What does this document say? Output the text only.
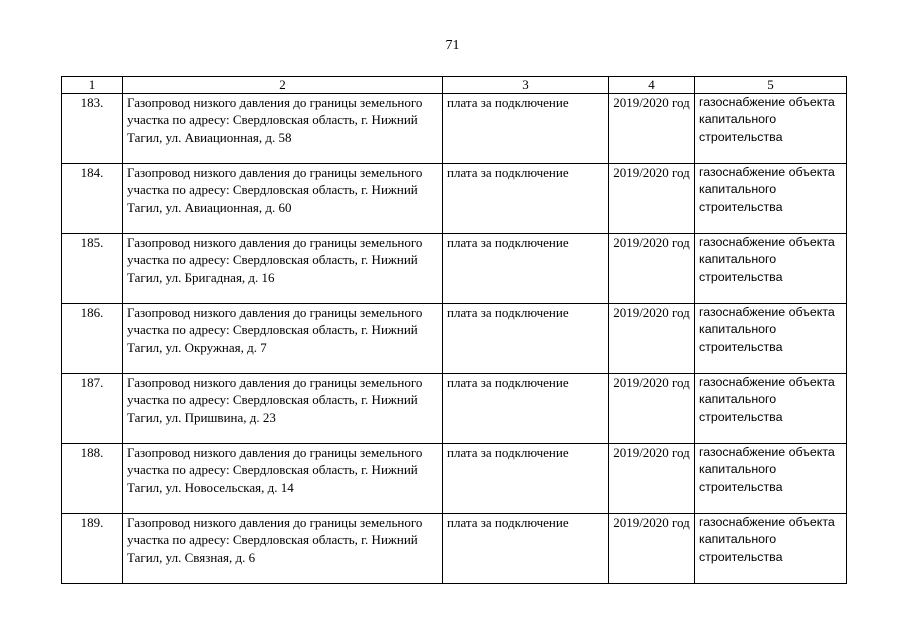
71
1	2	3	4	5
183.	Газопровод низкого давления до границы земельного участка по адресу: Свердловская область, г. Нижний Тагил, ул. Авиационная, д. 58	плата за подключение	2019/2020 год	газоснабжение объекта капитального строительства
184.	Газопровод низкого давления до границы земельного участка по адресу: Свердловская область, г. Нижний Тагил, ул. Авиационная, д. 60	плата за подключение	2019/2020 год	газоснабжение объекта капитального строительства
185.	Газопровод низкого давления до границы земельного участка по адресу: Свердловская область, г. Нижний Тагил, ул. Бригадная, д. 16	плата за подключение	2019/2020 год	газоснабжение объекта капитального строительства
186.	Газопровод низкого давления до границы земельного участка по адресу: Свердловская область, г. Нижний Тагил, ул. Окружная, д. 7	плата за подключение	2019/2020 год	газоснабжение объекта капитального строительства
187.	Газопровод низкого давления до границы земельного участка по адресу: Свердловская область, г. Нижний Тагил, ул. Пришвина, д. 23	плата за подключение	2019/2020 год	газоснабжение объекта капитального строительства
188.	Газопровод низкого давления до границы земельного участка по адресу: Свердловская область, г. Нижний Тагил, ул. Новосельская, д. 14	плата за подключение	2019/2020 год	газоснабжение объекта капитального строительства
189.	Газопровод низкого давления до границы земельного участка по адресу: Свердловская область, г. Нижний Тагил, ул. Связная, д. 6	плата за подключение	2019/2020 год	газоснабжение объекта капитального строительства
